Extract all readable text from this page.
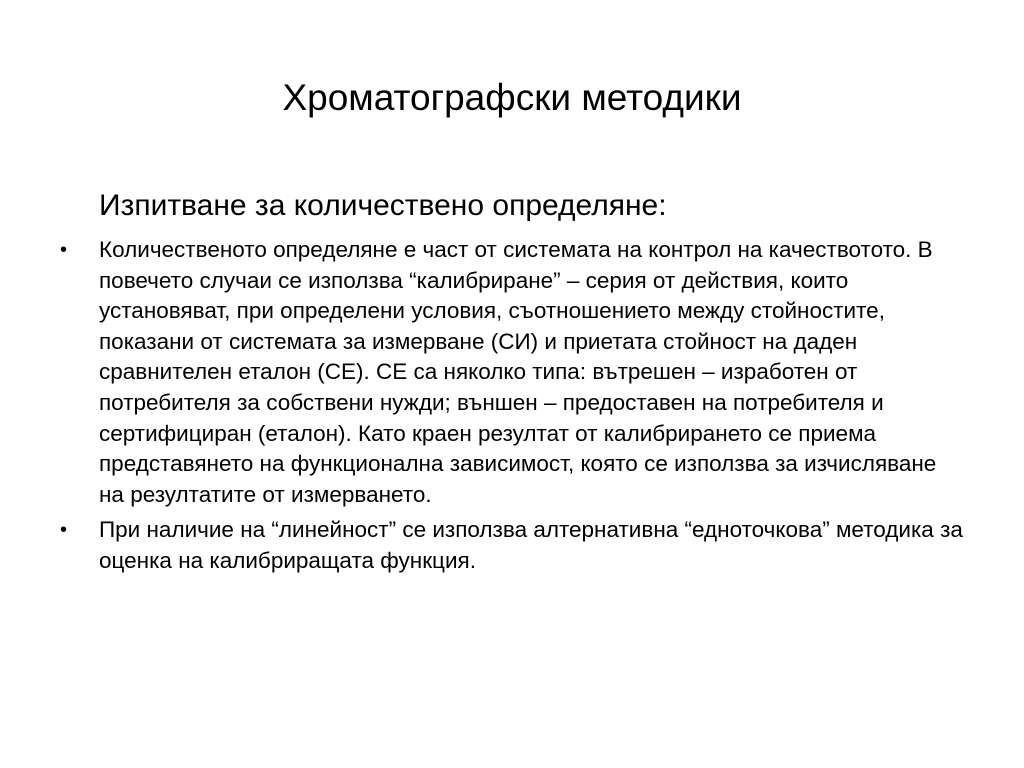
Хроматографски методики

Изпитване за количествено определяне:

•	Количественото определяне е част от системата на контрол на качествотото. В повечето случаи се използва “калибриране” – серия от действия, които установяват, при определени условия, съотношението между стойностите, показани от системата за измерване (СИ) и приетата стойност на даден сравнителен еталон (СЕ). СЕ са няколко типа: вътрешен – изработен от потребителя за собствени нужди; външен – предоставен на потребителя и сертифициран (еталон). Като краен резултат от калибрирането се приема представянето на функционална зависимост, която се използва за изчисляване на резултатите от измерването.
•	При наличие на “линейност” се използва алтернативна “едноточкова” методика за оценка на калибриращата функция.
